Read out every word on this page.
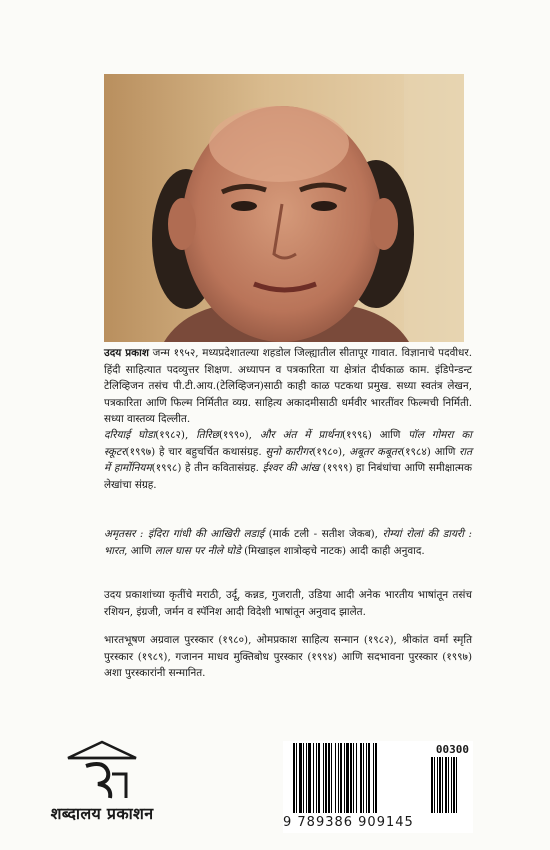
उदय प्रकाश जन्म १९५२, मध्यप्रदेशातल्या शहडोल जिल्ह्यातील सीतापूर गावात. विज्ञानाचे पदवीधर. हिंदी साहित्यात पदव्युत्तर शिक्षण. अध्यापन व पत्रकारिता या क्षेत्रांत दीर्घकाळ काम. इंडिपेन्डन्ट टेलिव्हिजन तसंच पी.टी.आय.(टेलिव्हिजन)साठी काही काळ पटकथा प्रमुख. सध्या स्वतंत्र लेखन, पत्रकारिता आणि फिल्म निर्मितीत व्यग्र. साहित्य अकादमीसाठी धर्मवीर भारतींवर फिल्मची निर्मिती. सध्या वास्तव्य दिल्लीत.

दरियाई घोडा(१९८२), तिरिछ(१९९०), और अंत में प्रार्थना(१९९६) आणि पॉल गोमरा का स्कूटर(१९९७) हे चार बहुचर्चित कथासंग्रह. सुनो कारीगर(१९८०), अबूतर कबूतर(१९८४) आणि रात में हार्मोनियम(१९९८) हे तीन कवितासंग्रह. ईश्वर की आंख (१९९९) हा निबंधांचा आणि समीक्षात्मक लेखांचा संग्रह.

अमृतसर : इंदिरा गांधी की आखिरी लडाई (मार्क टली - सतीश जेकब), रोम्यां रोलां की डायरी : भारत, आणि लाल घास पर नीले घोडे (मिखाइल शात्रोव्हचे नाटक) आदी काही अनुवाद.

उदय प्रकाशांच्या कृतींचे मराठी, उर्दू, कन्नड, गुजराती, उडिया आदी अनेक भारतीय भाषांतून तसंच रशियन, इंग्रजी, जर्मन व स्पॅनिश आदी विदेशी भाषांतून अनुवाद झालेत.

भारतभूषण अग्रवाल पुरस्कार (१९८०), ओमप्रकाश साहित्य सन्मान (१९८२), श्रीकांत वर्मा स्मृति पुरस्कार (१९८९), गजानन माधव मुक्तिबोध पुरस्कार (१९९४) आणि सदभावना पुरस्कार (१९९७) अशा पुरस्कारांनी सन्मानित.

शब्दालय प्रकाशन
00300
9 789386 909145
